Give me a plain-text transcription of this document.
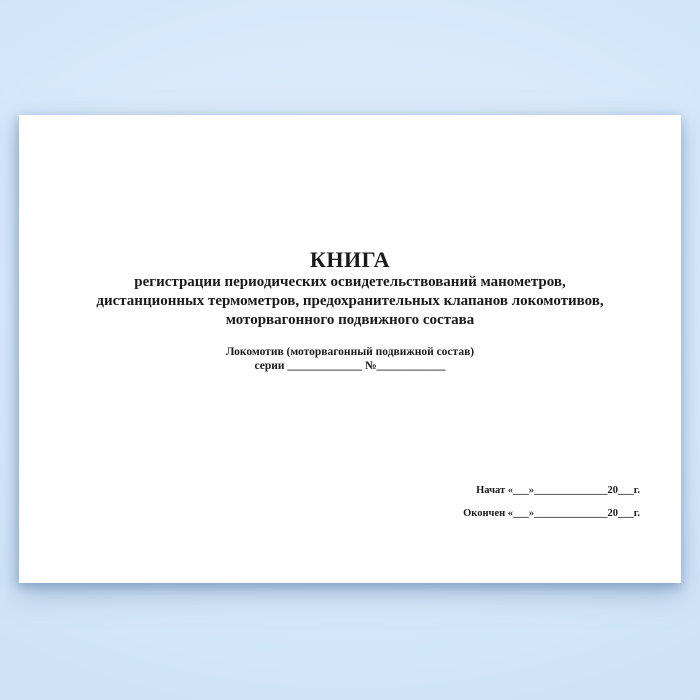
КНИГА
регистрации периодических освидетельствований манометров,
дистанционных термометров, предохранительных клапанов локомотивов,
моторвагонного подвижного состава
Локомотив (моторвагонный подвижной состав)
серии _____________ №____________
Начат «___»______________20___г.
Окончен «___»______________20___г.
